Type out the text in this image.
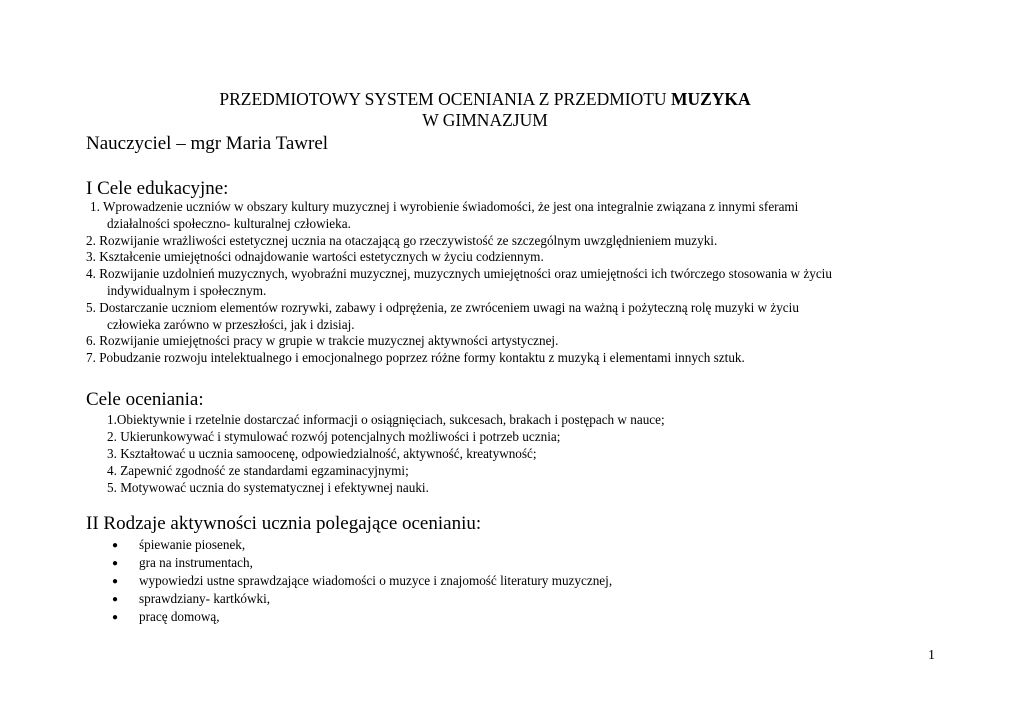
PRZEDMIOTOWY SYSTEM OCENIANIA Z PRZEDMIOTU MUZYKA
W GIMNAZJUM
Nauczyciel – mgr Maria Tawrel
I Cele edukacyjne:
1. Wprowadzenie uczniów w obszary kultury muzycznej i wyrobienie świadomości, że jest ona integralnie związana z innymi sferami
działalności społeczno- kulturalnej człowieka.
2. Rozwijanie wrażliwości estetycznej ucznia na otaczającą go rzeczywistość ze szczególnym uwzględnieniem muzyki.
3. Kształcenie umiejętności odnajdowanie wartości estetycznych w życiu codziennym.
4. Rozwijanie uzdolnień muzycznych, wyobraźni muzycznej, muzycznych umiejętności oraz umiejętności ich twórczego stosowania w życiu
indywidualnym i społecznym.
5. Dostarczanie uczniom elementów rozrywki, zabawy i odprężenia, ze zwróceniem uwagi na ważną i pożyteczną rolę muzyki w życiu
człowieka zarówno w przeszłości, jak i dzisiaj.
6. Rozwijanie umiejętności pracy w grupie w trakcie muzycznej aktywności artystycznej.
7. Pobudzanie rozwoju intelektualnego i emocjonalnego poprzez różne formy kontaktu z muzyką i elementami innych sztuk.
Cele oceniania:
1.Obiektywnie i rzetelnie dostarczać informacji o osiągnięciach, sukcesach, brakach i postępach w nauce;
2. Ukierunkowywać i stymulować rozwój potencjalnych możliwości i potrzeb ucznia;
3. Kształtować u ucznia samoocenę, odpowiedzialność, aktywność, kreatywność;
4. Zapewnić zgodność ze standardami egzaminacyjnymi;
5. Motywować ucznia do systematycznej i efektywnej nauki.
II Rodzaje aktywności ucznia polegające ocenianiu:
● śpiewanie piosenek,
● gra na instrumentach,
● wypowiedzi ustne sprawdzające wiadomości o muzyce i znajomość literatury muzycznej,
● sprawdziany- kartkówki,
● pracę domową,
1
